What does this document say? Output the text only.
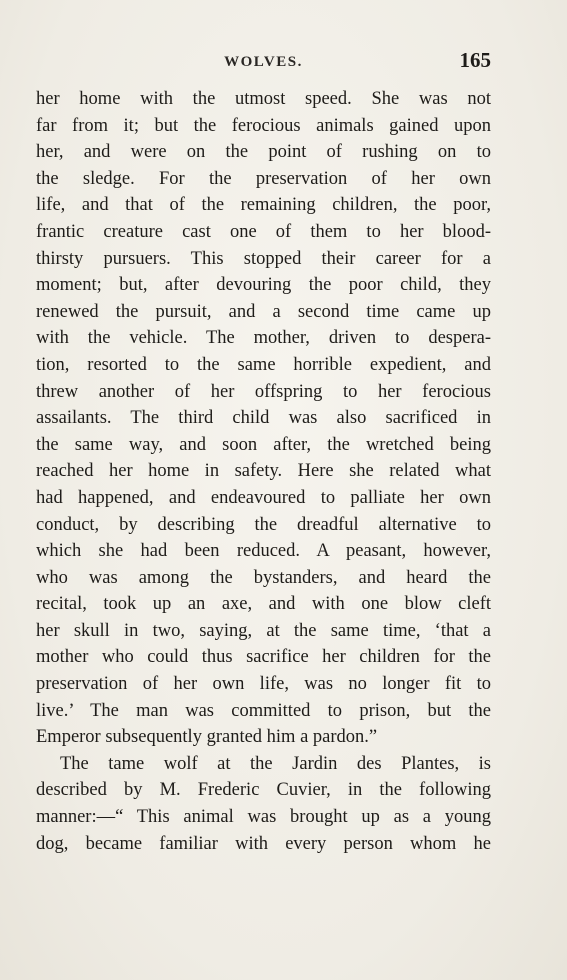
WOLVES.	165
her home with the utmost speed. She was not
far from it; but the ferocious animals gained upon
her, and were on the point of rushing on to
the sledge. For the preservation of her own
life, and that of the remaining children, the poor,
frantic creature cast one of them to her blood-
thirsty pursuers. This stopped their career for a
moment; but, after devouring the poor child, they
renewed the pursuit, and a second time came up
with the vehicle. The mother, driven to despera-
tion, resorted to the same horrible expedient, and
threw another of her offspring to her ferocious
assailants. The third child was also sacrificed in
the same way, and soon after, the wretched being
reached her home in safety. Here she related what
had happened, and endeavoured to palliate her own
conduct, by describing the dreadful alternative to
which she had been reduced. A peasant, however,
who was among the bystanders, and heard the
recital, took up an axe, and with one blow cleft
her skull in two, saying, at the same time, ‘that a
mother who could thus sacrifice her children for the
preservation of her own life, was no longer fit to
live.’ The man was committed to prison, but the
Emperor subsequently granted him a pardon.”
The tame wolf at the Jardin des Plantes, is
described by M. Frederic Cuvier, in the following
manner:—“ This animal was brought up as a young
dog, became familiar with every person whom he
